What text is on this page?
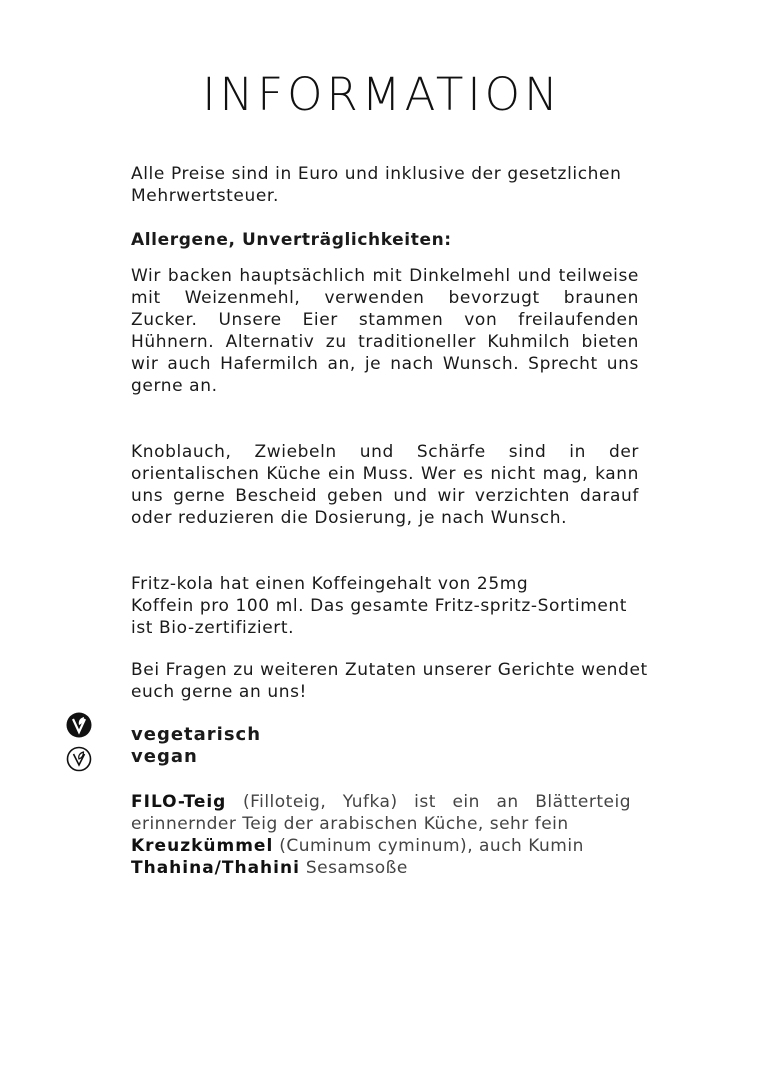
INFORMATION

Alle Preise sind in Euro und inklusive der gesetzlichen Mehrwertsteuer.

Allergene, Unverträglichkeiten:

Wir backen hauptsächlich mit Dinkelmehl und teilweise mit Weizenmehl, verwenden bevorzugt braunen Zucker. Unsere Eier stammen von freilaufenden Hühnern. Alternativ zu traditioneller Kuhmilch bieten wir auch Hafermilch an, je nach Wunsch. Sprecht uns gerne an.

Knoblauch, Zwiebeln und Schärfe sind in der orientalischen Küche ein Muss. Wer es nicht mag, kann uns gerne Bescheid geben und wir verzichten darauf oder reduzieren die Dosierung, je nach Wunsch.

Fritz-kola hat einen Koffeingehalt von 25mg
Koffein pro 100 ml. Das gesamte Fritz-spritz-Sortiment ist Bio-zertifiziert.

Bei Fragen zu weiteren Zutaten unserer Gerichte wendet euch gerne an uns!

vegetarisch
vegan

FILO-Teig (Filloteig, Yufka) ist ein an Blätterteig erinnernder Teig der arabischen Küche, sehr fein

Kreuzkümmel (Cuminum cyminum), auch Kumin

Thahina/Thahini Sesamsoße
